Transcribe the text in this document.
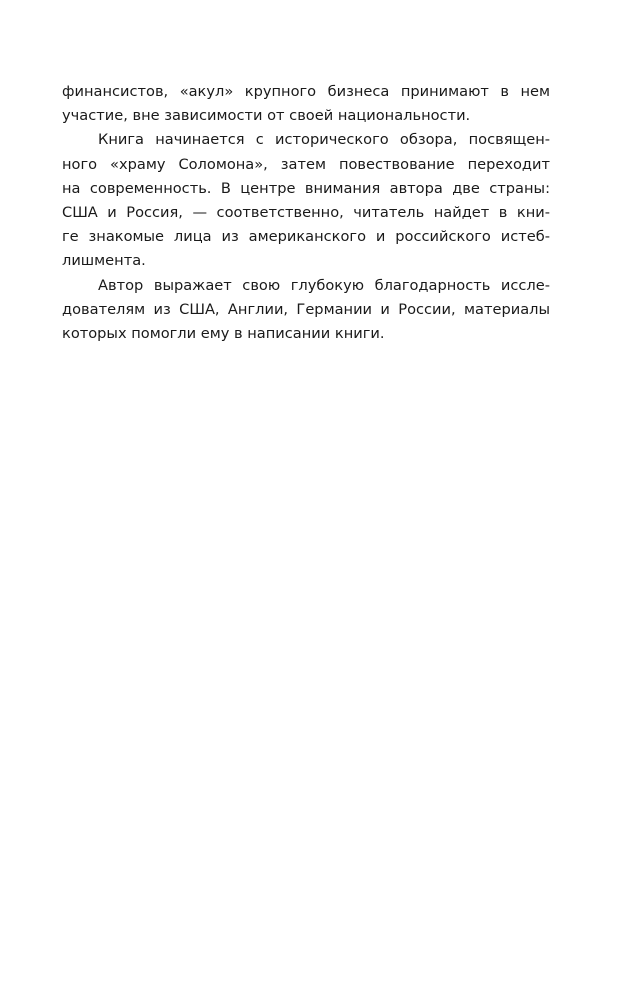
финансистов, «акул» крупного бизнеса принимают в нем
участие, вне зависимости от своей национальности.
Книга начинается с исторического обзора, посвящен-
ного «храму Соломона», затем повествование переходит
на современность. В центре внимания автора две страны:
США и Россия, — соответственно, читатель найдет в кни-
ге знакомые лица из американского и российского истеб-
лишмента.
Автор выражает свою глубокую благодарность иссле-
дователям из США, Англии, Германии и России, материалы
которых помогли ему в написании книги.
